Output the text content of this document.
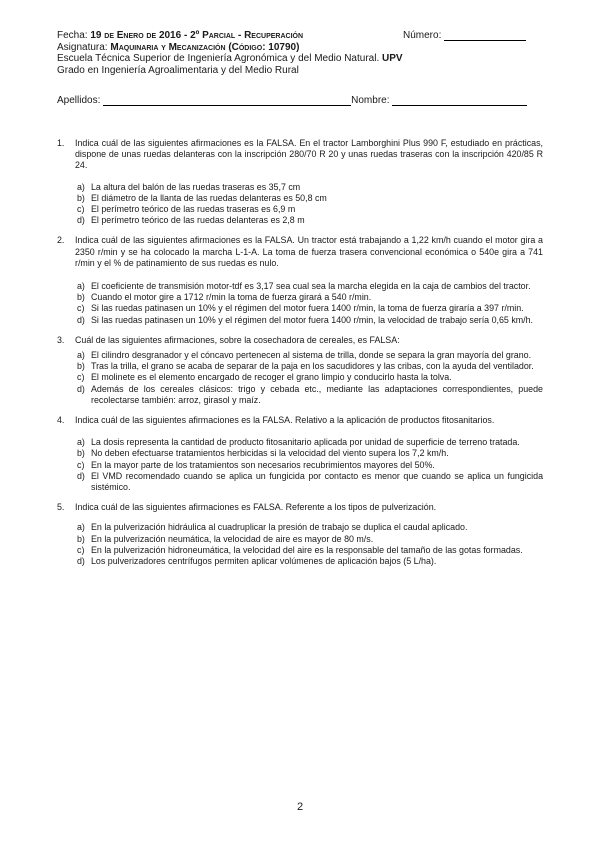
Fecha: 19 de Enero de 2016 - 2º Parcial - Recuperación
Asignatura: Maquinaria y Mecanización (Código: 10790)
Escuela Técnica Superior de Ingeniería Agronómica y del Medio Natural. UPV
Grado en Ingeniería Agroalimentaria y del Medio Rural
Número:
Apellidos:	Nombre:
1.	Indica cuál de las siguientes afirmaciones es la FALSA. En el tractor Lamborghini Plus 990 F, estudiado en prácticas, dispone de unas ruedas delanteras con la inscripción 280/70 R 20 y unas ruedas traseras con la inscripción 420/85 R 24.
a) La altura del balón de las ruedas traseras es 35,7 cm
b) El diámetro de la llanta de las ruedas delanteras es 50,8 cm
c) El perímetro teórico de las ruedas traseras es 6,9 m
d) El perímetro teórico de las ruedas delanteras es 2,8 m
2.	Indica cuál de las siguientes afirmaciones es la FALSA. Un tractor está trabajando a 1,22 km/h cuando el motor gira a 2350 r/min y se ha colocado la marcha L-1-A. La toma de fuerza trasera convencional económica o 540e gira a 741 r/min y el % de patinamiento de sus ruedas es nulo.
a) El coeficiente de transmisión motor-tdf es 3,17 sea cual sea la marcha elegida en la caja de cambios del tractor.
b) Cuando el motor gire a 1712 r/min la toma de fuerza girará a 540 r/min.
c) Si las ruedas patinasen un 10% y el régimen del motor fuera 1400 r/min, la toma de fuerza giraría a 397 r/min.
d) Si las ruedas patinasen un 10% y el régimen del motor fuera 1400 r/min, la velocidad de trabajo sería 0,65 km/h.
3.	Cuál de las siguientes afirmaciones, sobre la cosechadora de cereales, es FALSA:
a) El cilindro desgranador y el cóncavo pertenecen al sistema de trilla, donde se separa la gran mayoría del grano.
b) Tras la trilla, el grano se acaba de separar de la paja en los sacudidores y las cribas, con la ayuda del ventilador.
c) El molinete es el elemento encargado de recoger el grano limpio y conducirlo hasta la tolva.
d) Además de los cereales clásicos: trigo y cebada etc., mediante las adaptaciones correspondientes, puede recolectarse también: arroz, girasol y maíz.
4.	Indica cuál de las siguientes afirmaciones es la FALSA. Relativo a la aplicación de productos fitosanitarios.
a) La dosis representa la cantidad de producto fitosanitario aplicada por unidad de superficie de terreno tratada.
b) No deben efectuarse tratamientos herbicidas si la velocidad del viento supera los 7,2 km/h.
c) En la mayor parte de los tratamientos son necesarios recubrimientos mayores del 50%.
d) El VMD recomendado cuando se aplica un fungicida por contacto es menor que cuando se aplica un fungicida sistémico.
5.	Indica cuál de las siguientes afirmaciones es FALSA. Referente a los tipos de pulverización.
a) En la pulverización hidráulica al cuadruplicar la presión de trabajo se duplica el caudal aplicado.
b) En la pulverización neumática, la velocidad de aire es mayor de 80 m/s.
c) En la pulverización hidroneumática, la velocidad del aire es la responsable del tamaño de las gotas formadas.
d) Los pulverizadores centrífugos permiten aplicar volúmenes de aplicación bajos (5 L/ha).
2
